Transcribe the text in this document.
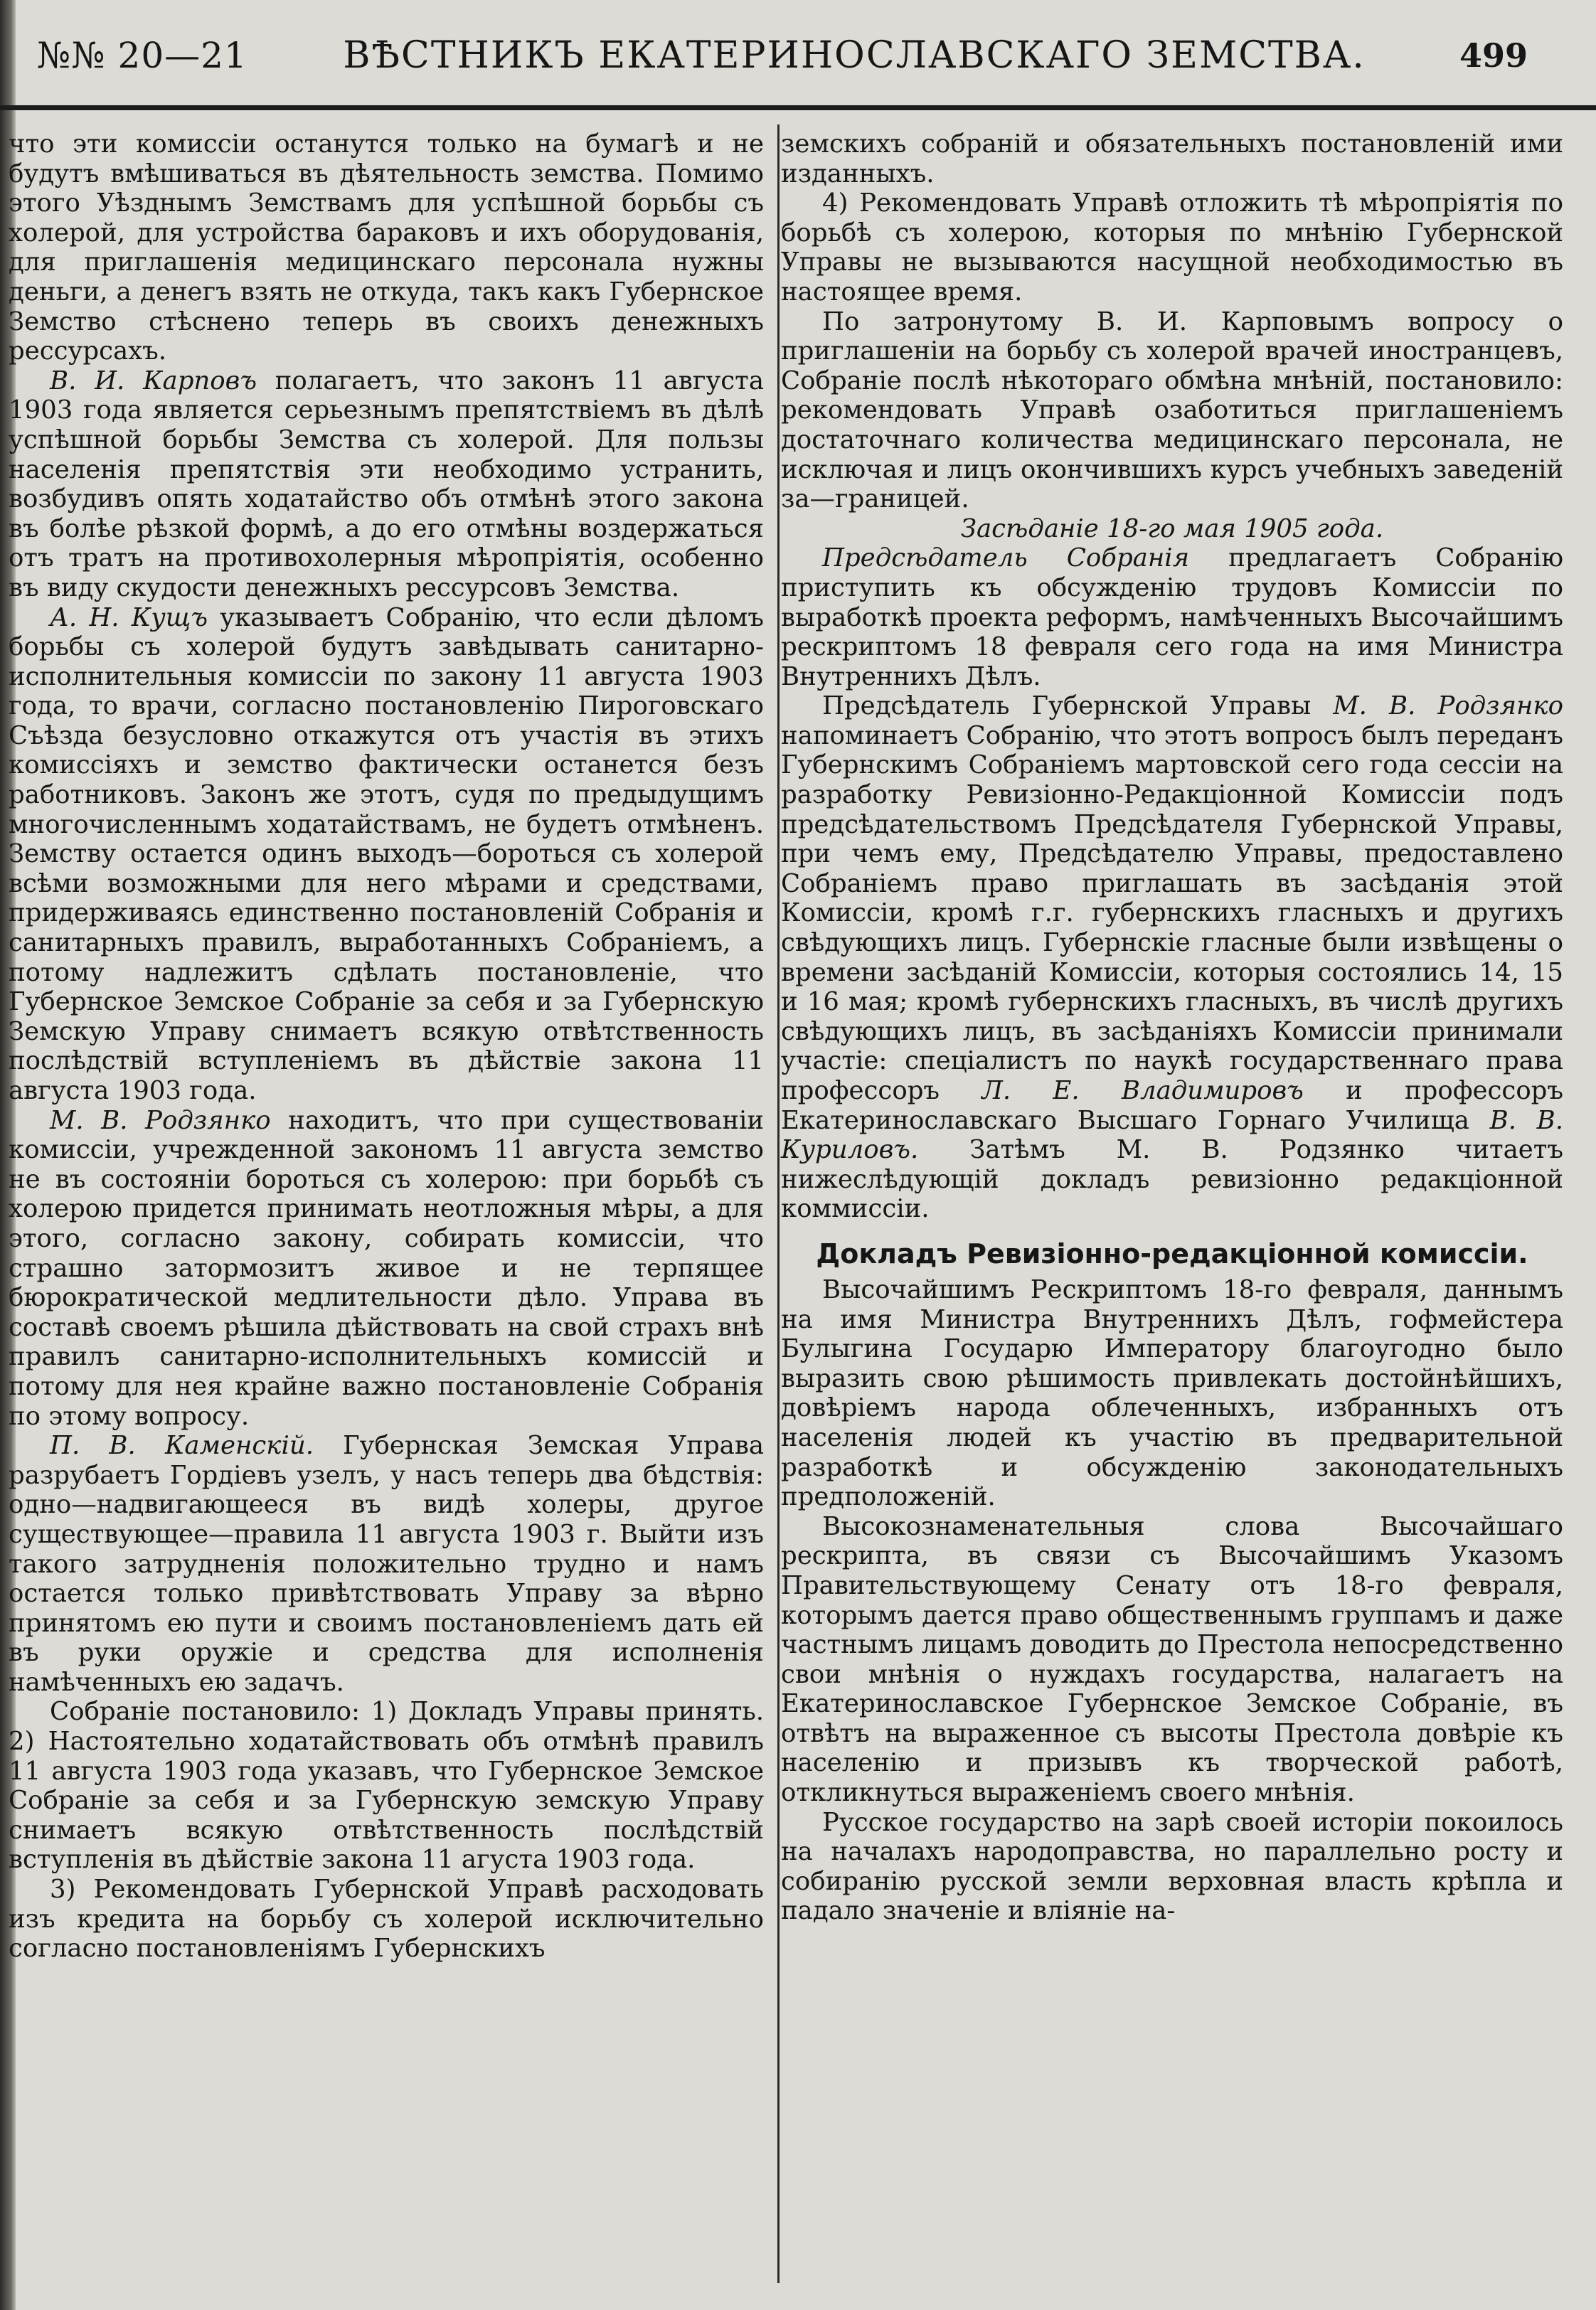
№№ 20—21	ВѢСТНИКЪ ЕКАТЕРИНОСЛАВСКАГО ЗЕМСТВА.	499

что эти комиссіи останутся только на бумагѣ и не будутъ вмѣшиваться въ дѣятельность земства. Помимо этого Уѣзднымъ Земствамъ для успѣшной борьбы съ холерой, для устройства бараковъ и ихъ оборудованія, для приглашенія медицинскаго персонала нужны деньги, а денегъ взять не откуда, такъ какъ Губернское Земство стѣснено теперь въ своихъ денежныхъ рессурсахъ.

В. И. Карповъ полагаетъ, что законъ 11 августа 1903 года является серьезнымъ препятствіемъ въ дѣлѣ успѣшной борьбы Земства съ холерой. Для пользы населенія препятствія эти необходимо устранить, возбудивъ опять ходатайство объ отмѣнѣ этого закона въ болѣе рѣзкой формѣ, а до его отмѣны воздержаться отъ тратъ на противохолерныя мѣропріятія, особенно въ виду скудости денежныхъ рессурсовъ Земства.

А. Н. Кущъ указываетъ Собранію, что если дѣломъ борьбы съ холерой будутъ завѣдывать санитарно-исполнительныя комиссіи по закону 11 августа 1903 года, то врачи, согласно постановленію Пироговскаго Съѣзда безусловно откажутся отъ участія въ этихъ комиссіяхъ и земство фактически останется безъ работниковъ. Законъ же этотъ, судя по предыдущимъ многочисленнымъ ходатайствамъ, не будетъ отмѣненъ. Земству остается одинъ выходъ—бороться съ холерой всѣми возможными для него мѣрами и средствами, придерживаясь единственно постановленій Собранія и санитарныхъ правилъ, выработанныхъ Собраніемъ, а потому надлежитъ сдѣлать постановленіе, что Губернское Земское Собраніе за себя и за Губернскую Земскую Управу снимаетъ всякую отвѣтственность послѣдствій вступленіемъ въ дѣйствіе закона 11 августа 1903 года.

М. В. Родзянко находитъ, что при существованіи комиссіи, учрежденной закономъ 11 августа земство не въ состояніи бороться съ холерою: при борьбѣ съ холерою придется принимать неотложныя мѣры, а для этого, согласно закону, собирать комиссіи, что страшно затормозитъ живое и не терпящее бюрократической медлительности дѣло. Управа въ составѣ своемъ рѣшила дѣйствовать на свой страхъ внѣ правилъ санитарно-исполнительныхъ комиссій и потому для нея крайне важно постановленіе Собранія по этому вопросу.

П. В. Каменскій. Губернская Земская Управа разрубаетъ Гордіевъ узелъ, у насъ теперь два бѣдствія: одно—надвигающееся въ видѣ холеры, другое существующее—правила 11 августа 1903 г. Выйти изъ такого затрудненія положительно трудно и намъ остается только привѣтствовать Управу за вѣрно принятомъ ею пути и своимъ постановленіемъ дать ей въ руки оружіе и средства для исполненія намѣченныхъ ею задачъ.

Собраніе постановило: 1) Докладъ Управы принять. 2) Настоятельно ходатайствовать объ отмѣнѣ правилъ 11 августа 1903 года указавъ, что Губернское Земское Собраніе за себя и за Губернскую земскую Управу снимаетъ всякую отвѣтственность послѣдствій вступленія въ дѣйствіе закона 11 агуста 1903 года.

3) Рекомендовать Губернской Управѣ расходовать изъ кредита на борьбу съ холерой исключительно согласно постановленіямъ Губернскихъ

земскихъ собраній и обязательныхъ постановленій ими изданныхъ.

4) Рекомендовать Управѣ отложить тѣ мѣропріятія по борьбѣ съ холерою, которыя по мнѣнію Губернской Управы не вызываются насущной необходимостью въ настоящее время.

По затронутому В. И. Карповымъ вопросу о приглашеніи на борьбу съ холерой врачей иностранцевъ, Собраніе послѣ нѣкотораго обмѣна мнѣній, постановило: рекомендовать Управѣ озаботиться приглашеніемъ достаточнаго количества медицинскаго персонала, не исключая и лицъ окончившихъ курсъ учебныхъ заведеній за—границей.

Засѣданіе 18-го мая 1905 года.

Предсѣдатель Собранія предлагаетъ Собранію приступить къ обсужденію трудовъ Комиссіи по выработкѣ проекта реформъ, намѣченныхъ Высочайшимъ рескриптомъ 18 февраля сего года на имя Министра Внутреннихъ Дѣлъ.

Предсѣдатель Губернской Управы М. В. Родзянко напоминаетъ Собранію, что этотъ вопросъ былъ переданъ Губернскимъ Собраніемъ мартовской сего года сессіи на разработку Ревизіонно-Редакціонной Комиссіи подъ предсѣдательствомъ Предсѣдателя Губернской Управы, при чемъ ему, Предсѣдателю Управы, предоставлено Собраніемъ право приглашать въ засѣданія этой Комиссіи, кромѣ г.г. губернскихъ гласныхъ и другихъ свѣдующихъ лицъ. Губернскіе гласные были извѣщены о времени засѣданій Комиссіи, которыя состоялись 14, 15 и 16 мая; кромѣ губернскихъ гласныхъ, въ числѣ другихъ свѣдующихъ лицъ, въ засѣданіяхъ Комиссіи принимали участіе: спеціалистъ по наукѣ государственнаго права профессоръ Л. Е. Владимировъ и профессоръ Екатеринославскаго Высшаго Горнаго Училища В. В. Куриловъ. Затѣмъ М. В. Родзянко читаетъ нижеслѣдующій докладъ ревизіонно редакціонной коммиссіи.

Докладъ Ревизіонно-редакціонной комиссіи.

Высочайшимъ Рескриптомъ 18-го февраля, даннымъ на имя Министра Внутреннихъ Дѣлъ, гофмейстера Булыгина Государю Императору благоугодно было выразить свою рѣшимость привлекать достойнѣйшихъ, довѣріемъ народа облеченныхъ, избранныхъ отъ населенія людей къ участію въ предварительной разработкѣ и обсужденію законодательныхъ предположеній.

Высокознаменательныя слова Высочайшаго рескрипта, въ связи съ Высочайшимъ Указомъ Правительствующему Сенату отъ 18-го февраля, которымъ дается право общественнымъ группамъ и даже частнымъ лицамъ доводить до Престола непосредственно свои мнѣнія о нуждахъ государства, налагаетъ на Екатеринославское Губернское Земское Собраніе, въ отвѣтъ на выраженное съ высоты Престола довѣріе къ населенію и призывъ къ творческой работѣ, откликнуться выраженіемъ своего мнѣнія.

Русское государство на зарѣ своей исторіи покоилось на началахъ народоправства, но параллельно росту и собиранію русской земли верховная власть крѣпла и падало значеніе и вліяніе на-
